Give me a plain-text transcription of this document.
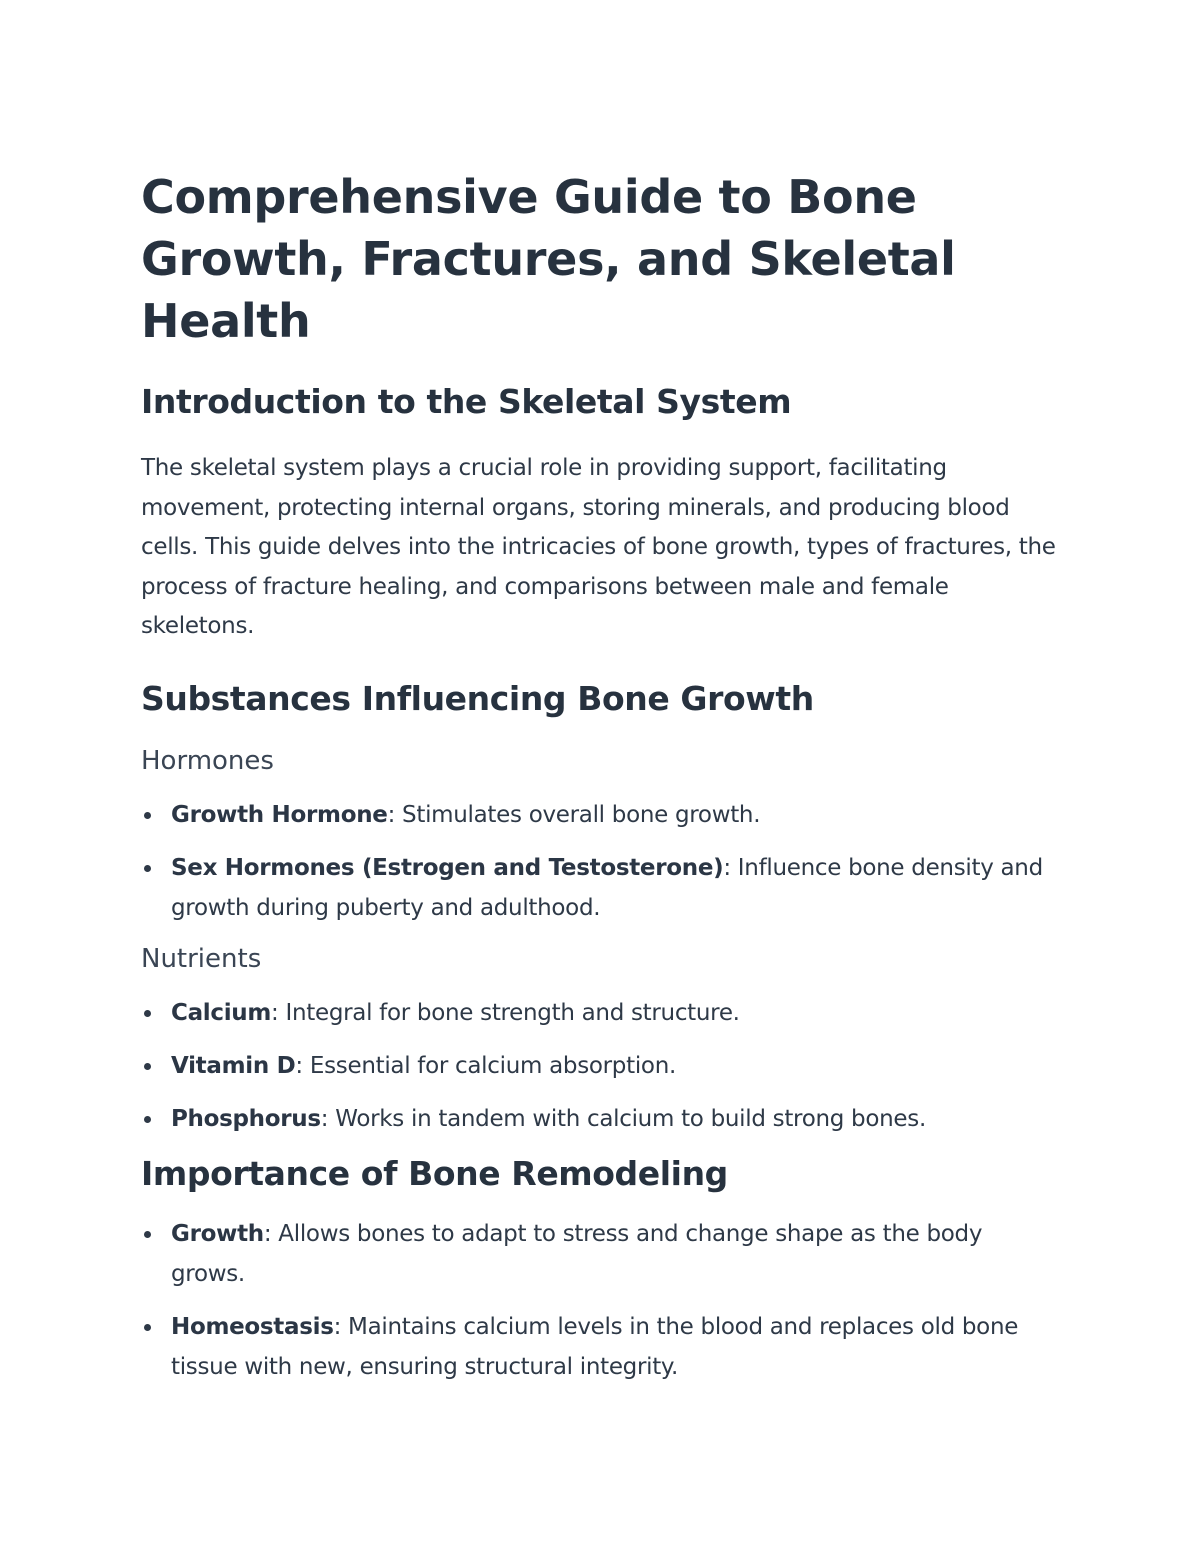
Comprehensive Guide to Bone Growth, Fractures, and Skeletal Health
Introduction to the Skeletal System

The skeletal system plays a crucial role in providing support, facilitating movement, protecting internal organs, storing minerals, and producing blood cells. This guide delves into the intricacies of bone growth, types of fractures, the process of fracture healing, and comparisons between male and female skeletons.

Substances Influencing Bone Growth
Hormones
Growth Hormone: Stimulates overall bone growth.
Sex Hormones (Estrogen and Testosterone): Influence bone density and growth during puberty and adulthood.
Nutrients
Calcium: Integral for bone strength and structure.
Vitamin D: Essential for calcium absorption.
Phosphorus: Works in tandem with calcium to build strong bones.
Importance of Bone Remodeling
Growth: Allows bones to adapt to stress and change shape as the body grows.
Homeostasis: Maintains calcium levels in the blood and replaces old bone tissue with new, ensuring structural integrity.
